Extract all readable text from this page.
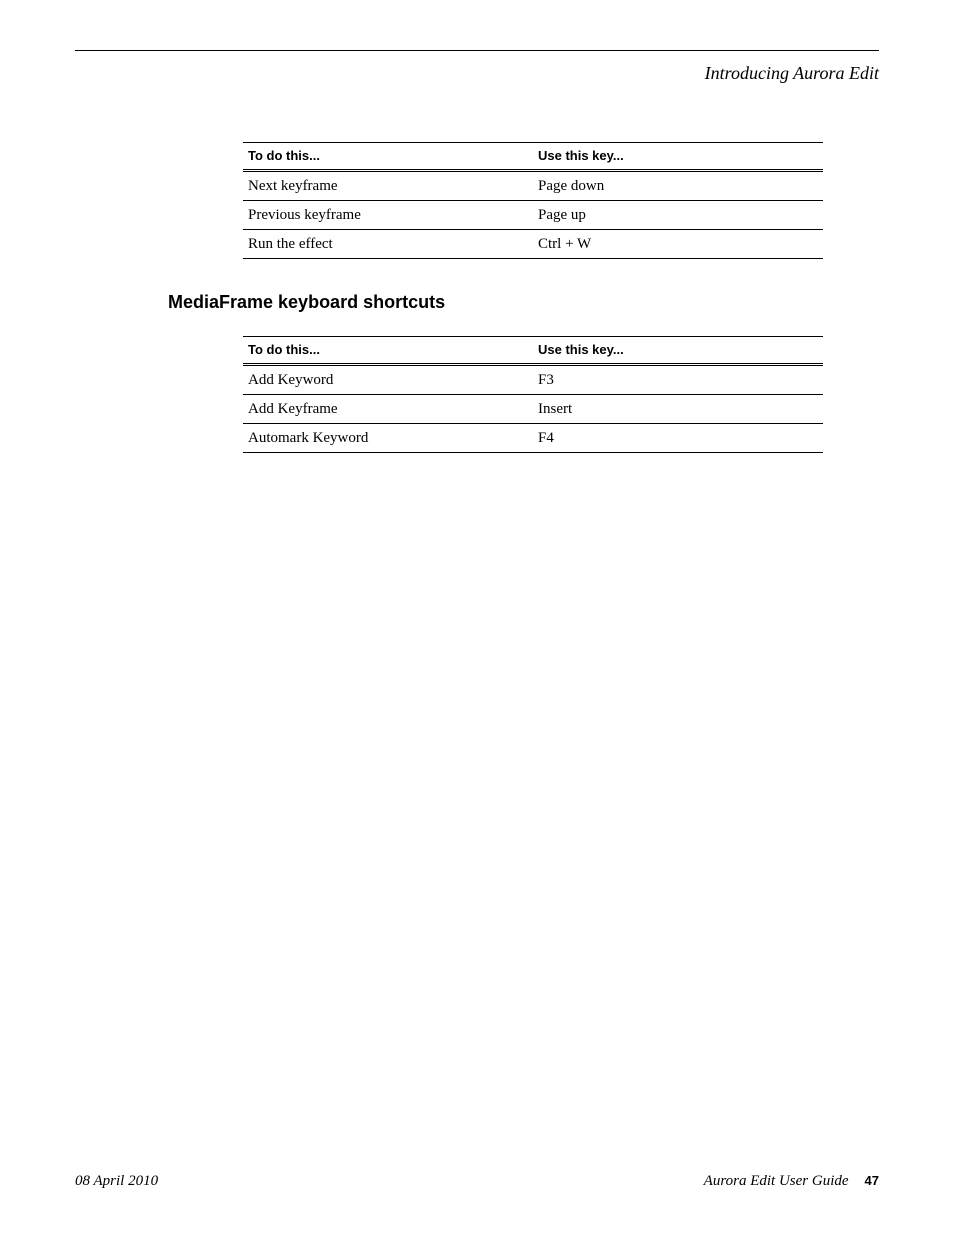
Introducing Aurora Edit
To do this...	Use this key...
Next keyframe	Page down
Previous keyframe	Page up
Run the effect	Ctrl + W
MediaFrame keyboard shortcuts
To do this...	Use this key...
Add Keyword	F3
Add Keyframe	Insert
Automark Keyword	F4
08 April 2010	Aurora Edit User Guide 47
